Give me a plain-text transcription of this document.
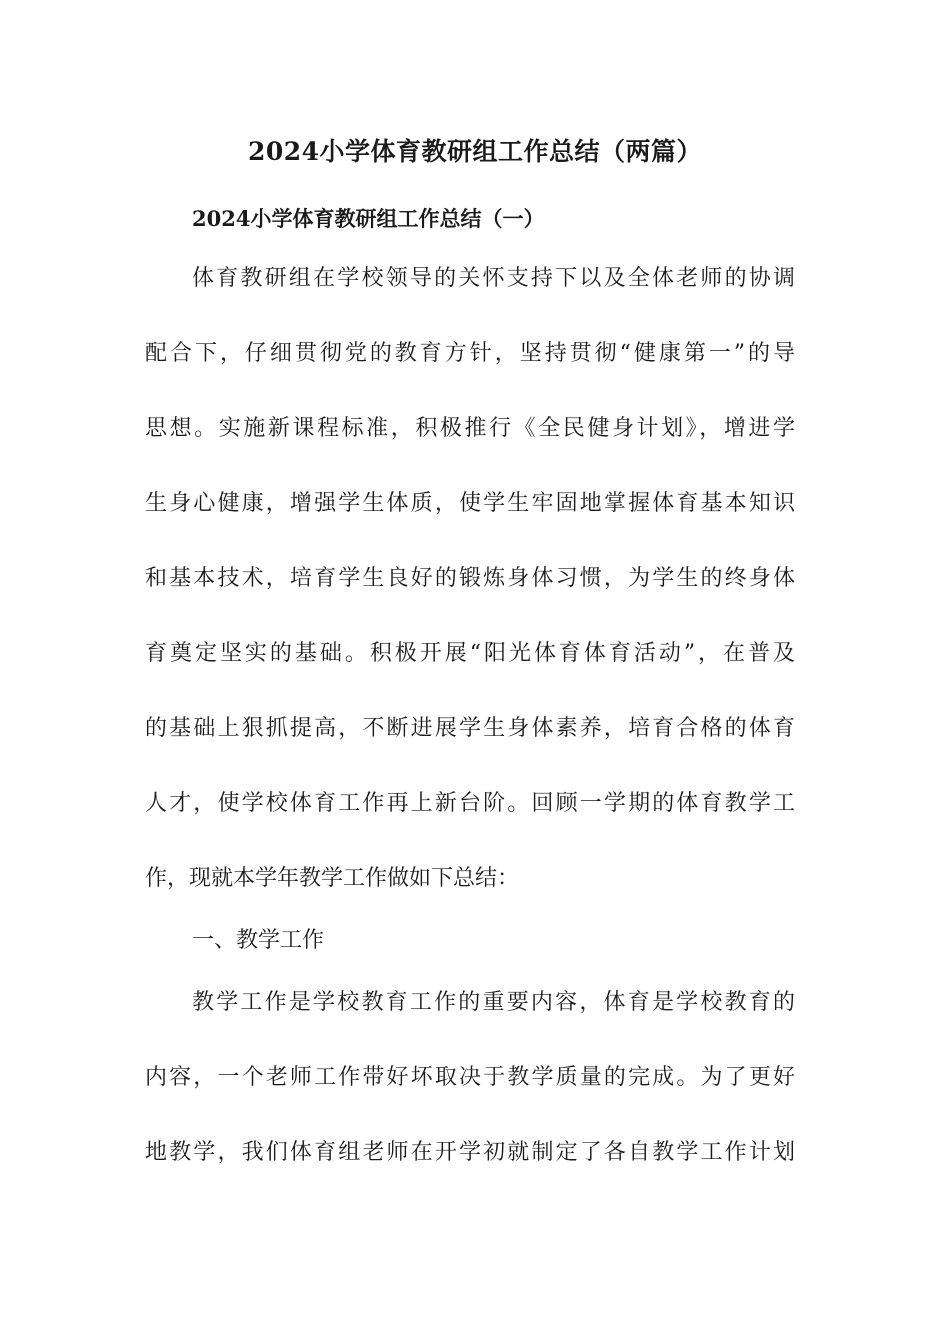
2024小学体育教研组工作总结（两篇）
2024小学体育教研组工作总结（一）
体育教研组在学校领导的关怀支持下以及全体老师的协调
配合下，仔细贯彻党的教育方针，坚持贯彻“健康第一”的导
思想。实施新课程标准，积极推行《全民健身计划》，增进学
生身心健康，增强学生体质，使学生牢固地掌握体育基本知识
和基本技术，培育学生良好的锻炼身体习惯，为学生的终身体
育奠定坚实的基础。积极开展“阳光体育体育活动”，在普及
的基础上狠抓提高，不断进展学生身体素养，培育合格的体育
人才，使学校体育工作再上新台阶。回顾一学期的体育教学工
作，现就本学年教学工作做如下总结：
一、教学工作
教学工作是学校教育工作的重要内容，体育是学校教育的
内容，一个老师工作带好坏取决于教学质量的完成。为了更好
地教学，我们体育组老师在开学初就制定了各自教学工作计划
